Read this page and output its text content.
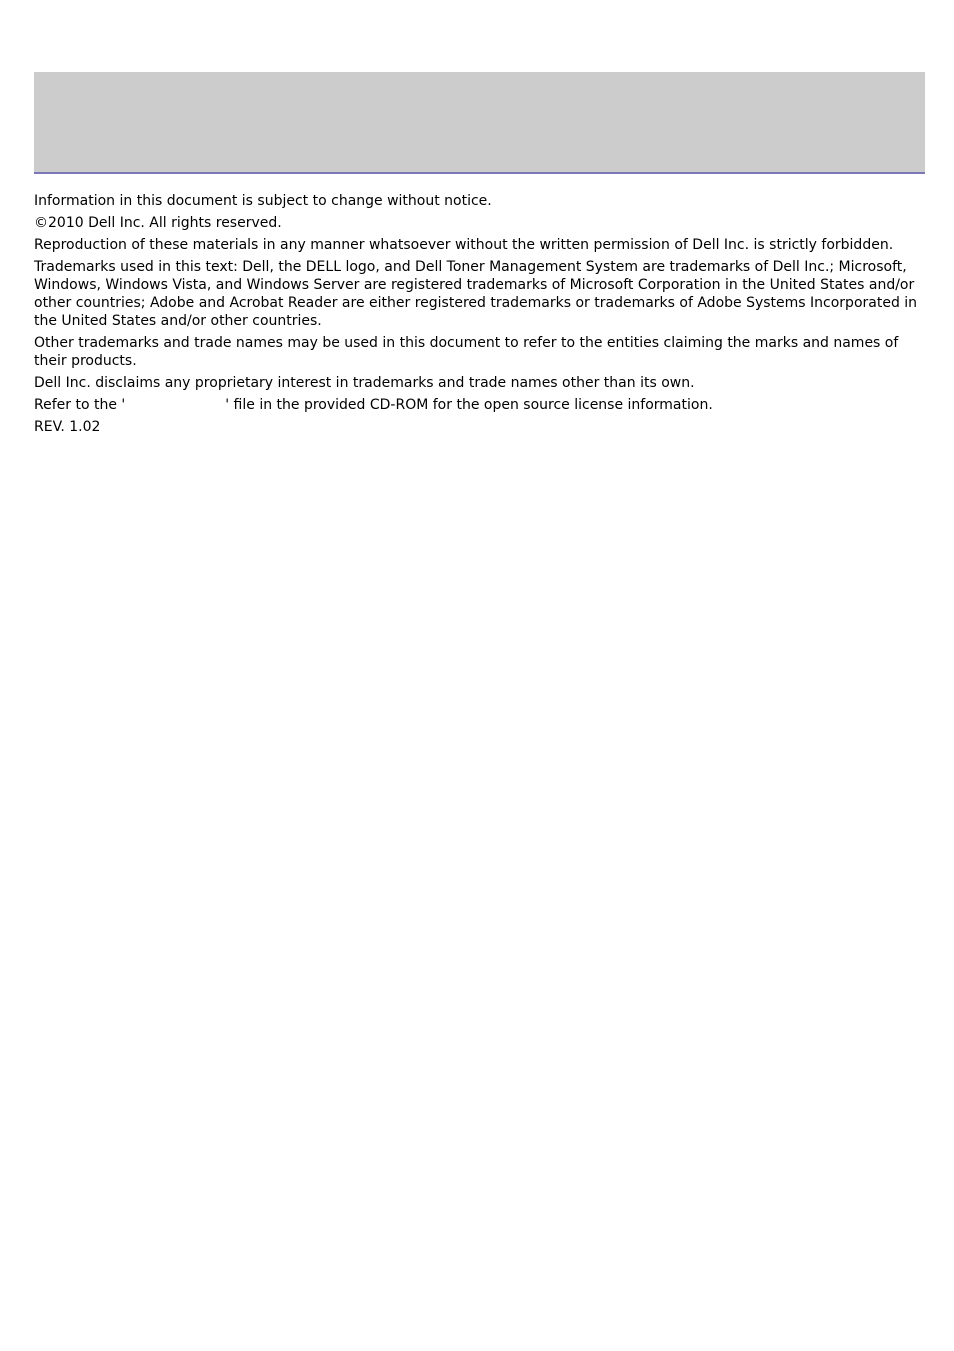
Information in this document is subject to change without notice.

©2010 Dell Inc. All rights reserved.

Reproduction of these materials in any manner whatsoever without the written permission of Dell Inc. is strictly forbidden.

Trademarks used in this text: Dell, the DELL logo, and Dell Toner Management System are trademarks of Dell Inc.; Microsoft, Windows, Windows Vista, and Windows Server are registered trademarks of Microsoft Corporation in the United States and/or other countries; Adobe and Acrobat Reader are either registered trademarks or trademarks of Adobe Systems Incorporated in the United States and/or other countries.

Other trademarks and trade names may be used in this document to refer to the entities claiming the marks and names of their products.

Dell Inc. disclaims any proprietary interest in trademarks and trade names other than its own.

Refer to the '	' file in the provided CD-ROM for the open source license information.

REV. 1.02
